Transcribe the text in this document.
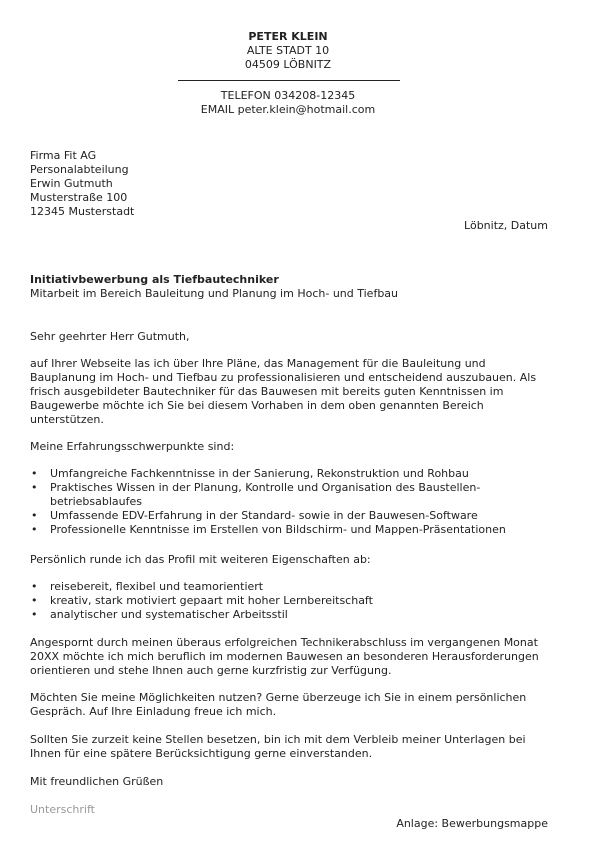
PETER KLEIN
ALTE STADT 10
04509 LÖBNITZ
TELEFON 034208-12345
EMAIL peter.klein@hotmail.com
Firma Fit AG
Personalabteilung
Erwin Gutmuth
Musterstraße 100
12345 Musterstadt
Löbnitz, Datum
Initiativbewerbung als Tiefbautechniker
Mitarbeit im Bereich Bauleitung und Planung im Hoch- und Tiefbau
Sehr geehrter Herr Gutmuth,
auf Ihrer Webseite las ich über Ihre Pläne, das Management für die Bauleitung und Bauplanung im Hoch- und Tiefbau zu professionalisieren und entscheidend auszubauen. Als frisch ausgebildeter Bautechniker für das Bauwesen mit bereits guten Kenntnissen im Baugewerbe möchte ich Sie bei diesem Vorhaben in dem oben genannten Bereich unterstützen.
Meine Erfahrungsschwerpunkte sind:
• Umfangreiche Fachkenntnisse in der Sanierung, Rekonstruktion und Rohbau
• Praktisches Wissen in der Planung, Kontrolle und Organisation des Baustellen-betriebsablaufes
• Umfassende EDV-Erfahrung in der Standard- sowie in der Bauwesen-Software
• Professionelle Kenntnisse im Erstellen von Bildschirm- und Mappen-Präsentationen
Persönlich runde ich das Profil mit weiteren Eigenschaften ab:
• reisebereit, flexibel und teamorientiert
• kreativ, stark motiviert gepaart mit hoher Lernbereitschaft
• analytischer und systematischer Arbeitsstil
Angespornt durch meinen überaus erfolgreichen Technikerabschluss im vergangenen Monat 20XX möchte ich mich beruflich im modernen Bauwesen an besonderen Herausforderungen orientieren und stehe Ihnen auch gerne kurzfristig zur Verfügung.
Möchten Sie meine Möglichkeiten nutzen? Gerne überzeuge ich Sie in einem persönlichen Gespräch. Auf Ihre Einladung freue ich mich.
Sollten Sie zurzeit keine Stellen besetzen, bin ich mit dem Verbleib meiner Unterlagen bei Ihnen für eine spätere Berücksichtigung gerne einverstanden.
Mit freundlichen Grüßen
Unterschrift
Anlage: Bewerbungsmappe
